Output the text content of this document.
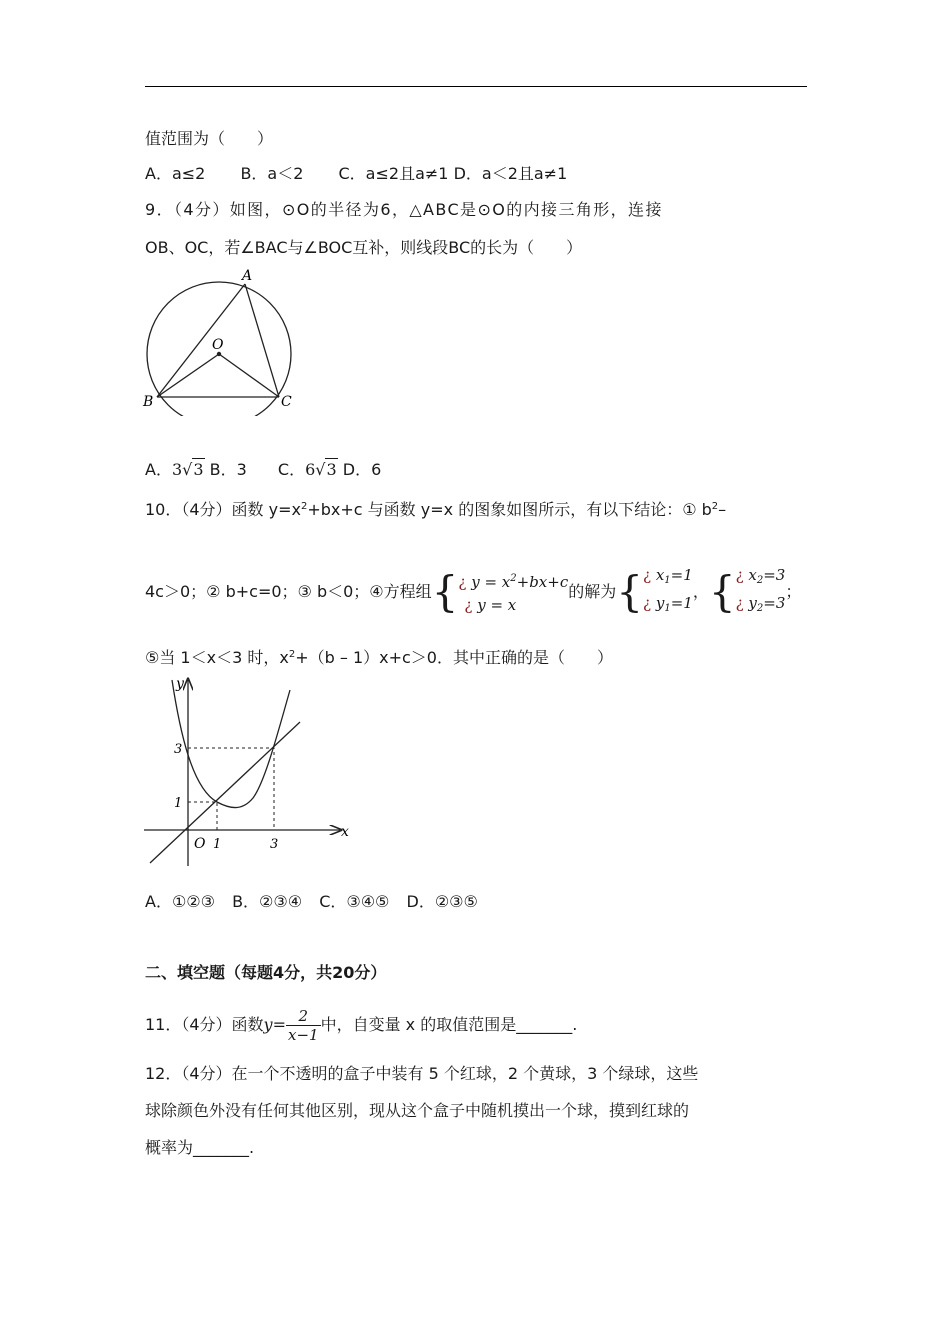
值范围为（　　）
A．a≤2 B．a＜2 C．a≤2且a≠1 D．a＜2且a≠1
9．（4分）如图，⊙O的半径为6，△ABC是⊙O的内接三角形，连接
OB、OC，若∠BAC与∠BOC互补，则线段BC的长为（　　）
A
O
B	C
A．3√3 B．3 C．6√3 D．6
10．（4分）函数 y=x2+bx+c 与函数 y=x 的图象如图所示，有以下结论：① b2–
4c＞0；② b+c=0；③ b＜0；④方程组{ ¿ y = x2+bx+c
¿ y = x
的解为{ ¿ x1=1
¿ y1=1
，{ ¿ x2=3
¿ y2=3
；
⑤当 1＜x＜3 时，x2+（b – 1）x+c＞0．其中正确的是（　　）
y
x
O 1	3
1
3
A．①②③ B．②③④ C．③④⑤ D．②③⑤
二、填空题（每题4分，共20分）
11．（4分）函数$y= \frac{2}{x-1}$ 中，自变量 x 的取值范围是_______.
12．（4分）在一个不透明的盒子中装有 5 个红球，2 个黄球，3 个绿球，这些
球除颜色外没有任何其他区别，现从这个盒子中随机摸出一个球，摸到红球的
概率为_______.
